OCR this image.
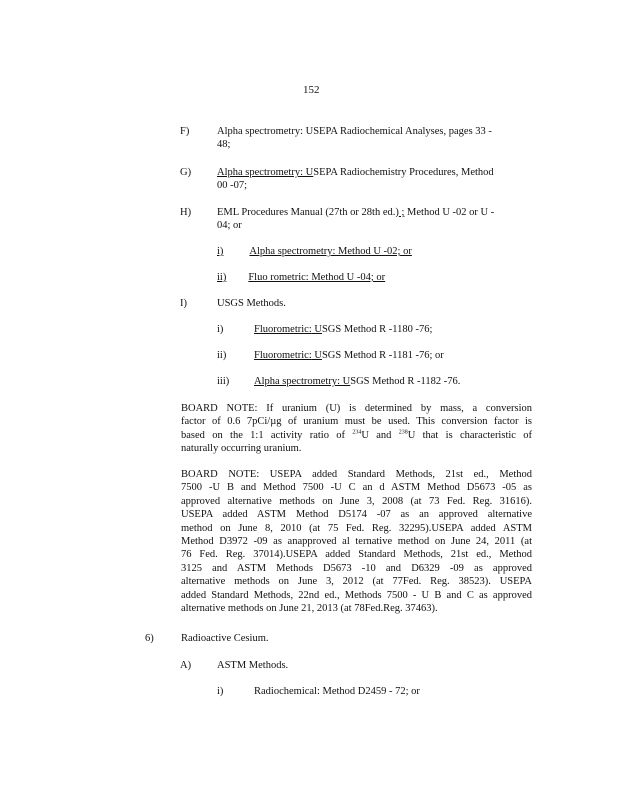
152
F)	Alpha spectrometry: USEPA Radiochemical Analyses, pages 33 -
48;
G) Alpha spectrometry: USEPA Radiochemistry Procedures, Method
00 -07;
H) EML Procedures Manual (27th or 28th ed.) ; Method U -02 or U -
04; or
i) Alpha spectrometry: Method U -02; or
ii) Fluo rometric: Method U -04; or
I)	USGS Methods.
i)	Fluorometric: USGS Method R -1180 -76;
ii)	Fluorometric: USGS Method R -1181 -76; or
iii) Alpha spectrometry: USGS Method R -1182 -76.
BOARD NOTE: If uranium (U) is determined by mass, a conversion
factor of 0.6 7pCi/µg of uranium must be used. This conversion factor is
based on the 1:1 activity ratio of $^{234}$U and $^{238}$U that is characteristic of
naturally occurring uranium.
BOARD NOTE: USEPA added Standard Methods, 21st ed., Method
7500 -U B and Method 7500 -U C an d ASTM Method D5673 -05 as
approved alternative methods on June 3, 2008 (at 73 Fed. Reg. 31616).
USEPA added ASTM Method D5174 -07 as an approved alternative
method on June 8, 2010 (at 75 Fed. Reg. 32295).USEPA added ASTM
Method D3972 -09 as anapproved al ternative method on June 24, 2011 (at
76 Fed. Reg. 37014).USEPA added Standard Methods, 21st ed., Method
3125 and ASTM Methods D5673 -10 and D6329 -09 as approved
alternative methods on June 3, 2012 (at 77Fed. Reg. 38523). USEPA
added Standard Methods, 22nd ed., Methods 7500 - U B and C as approved
alternative methods on June 21, 2013 (at 78Fed.Reg. 37463).
6)	Radioactive Cesium.
A) ASTM Methods.
i)	Radiochemical: Method D2459 - 72; or
